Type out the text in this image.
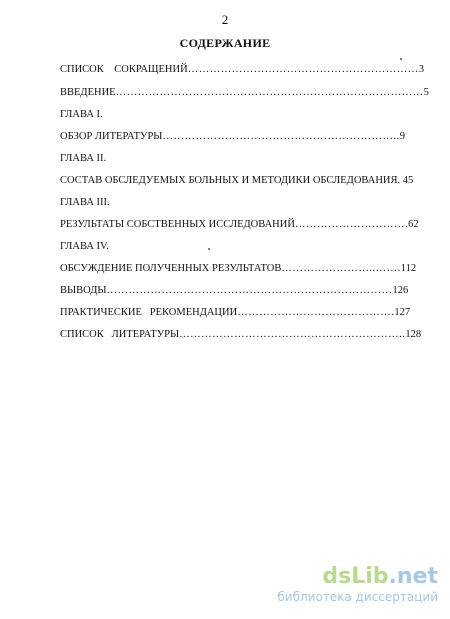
2
СОДЕРЖАНИЕ
СПИСОК    СОКРАЩЕНИЙ………………………………………………………3
ВВЕДЕНИЕ…………………………………………………………………………5
ГЛАВА I.
ОБЗОР ЛИТЕРАТУРЫ………………………………………………………..9
ГЛАВА II.
СОСТАВ ОБСЛЕДУЕМЫХ БОЛЬНЫХ И МЕТОДИКИ ОБСЛЕДОВАНИЯ. 45
ГЛАВА III.
РЕЗУЛЬТАТЫ СОБСТВЕННЫХ ИССЛЕДОВАНИЙ………………………….62
ГЛАВА IV.
ОБСУЖДЕНИЕ ПОЛУЧЕННЫХ РЕЗУЛЬТАТОВ……………………..…….112
ВЫВОДЫ……………………………………………………………………126
ПРАКТИЧЕСКИЕ   РЕКОМЕНДАЦИИ…………………………………….127
СПИСОК   ЛИТЕРАТУРЫ……………………………………………………..128
dsLib.net
библиотека диссертаций
